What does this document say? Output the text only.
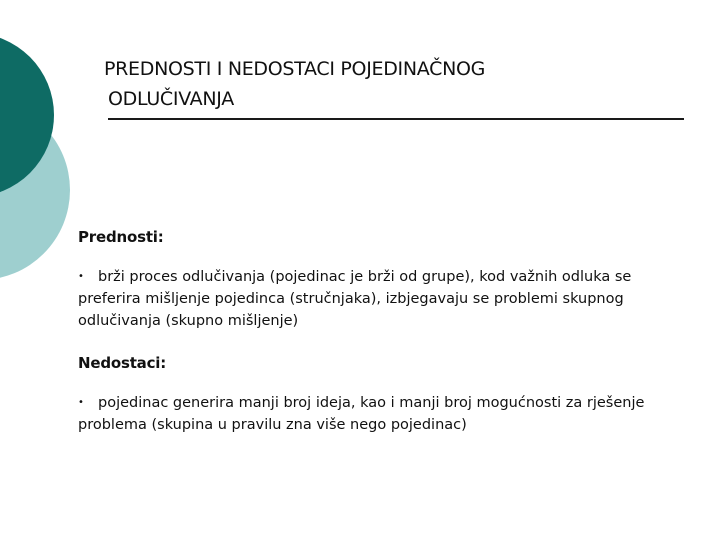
PREDNOSTI I NEDOSTACI POJEDINAČNOG
ODLUČIVANJA

Prednosti:

• brži proces odlučivanja (pojedinac je brži od grupe), kod važnih odluka se preferira mišljenje pojedinca (stručnjaka), izbjegavaju se problemi skupnog odlučivanja (skupno mišljenje)

Nedostaci:

• pojedinac generira manji broj ideja, kao i manji broj mogućnosti za rješenje problema (skupina u pravilu zna više nego pojedinac)
